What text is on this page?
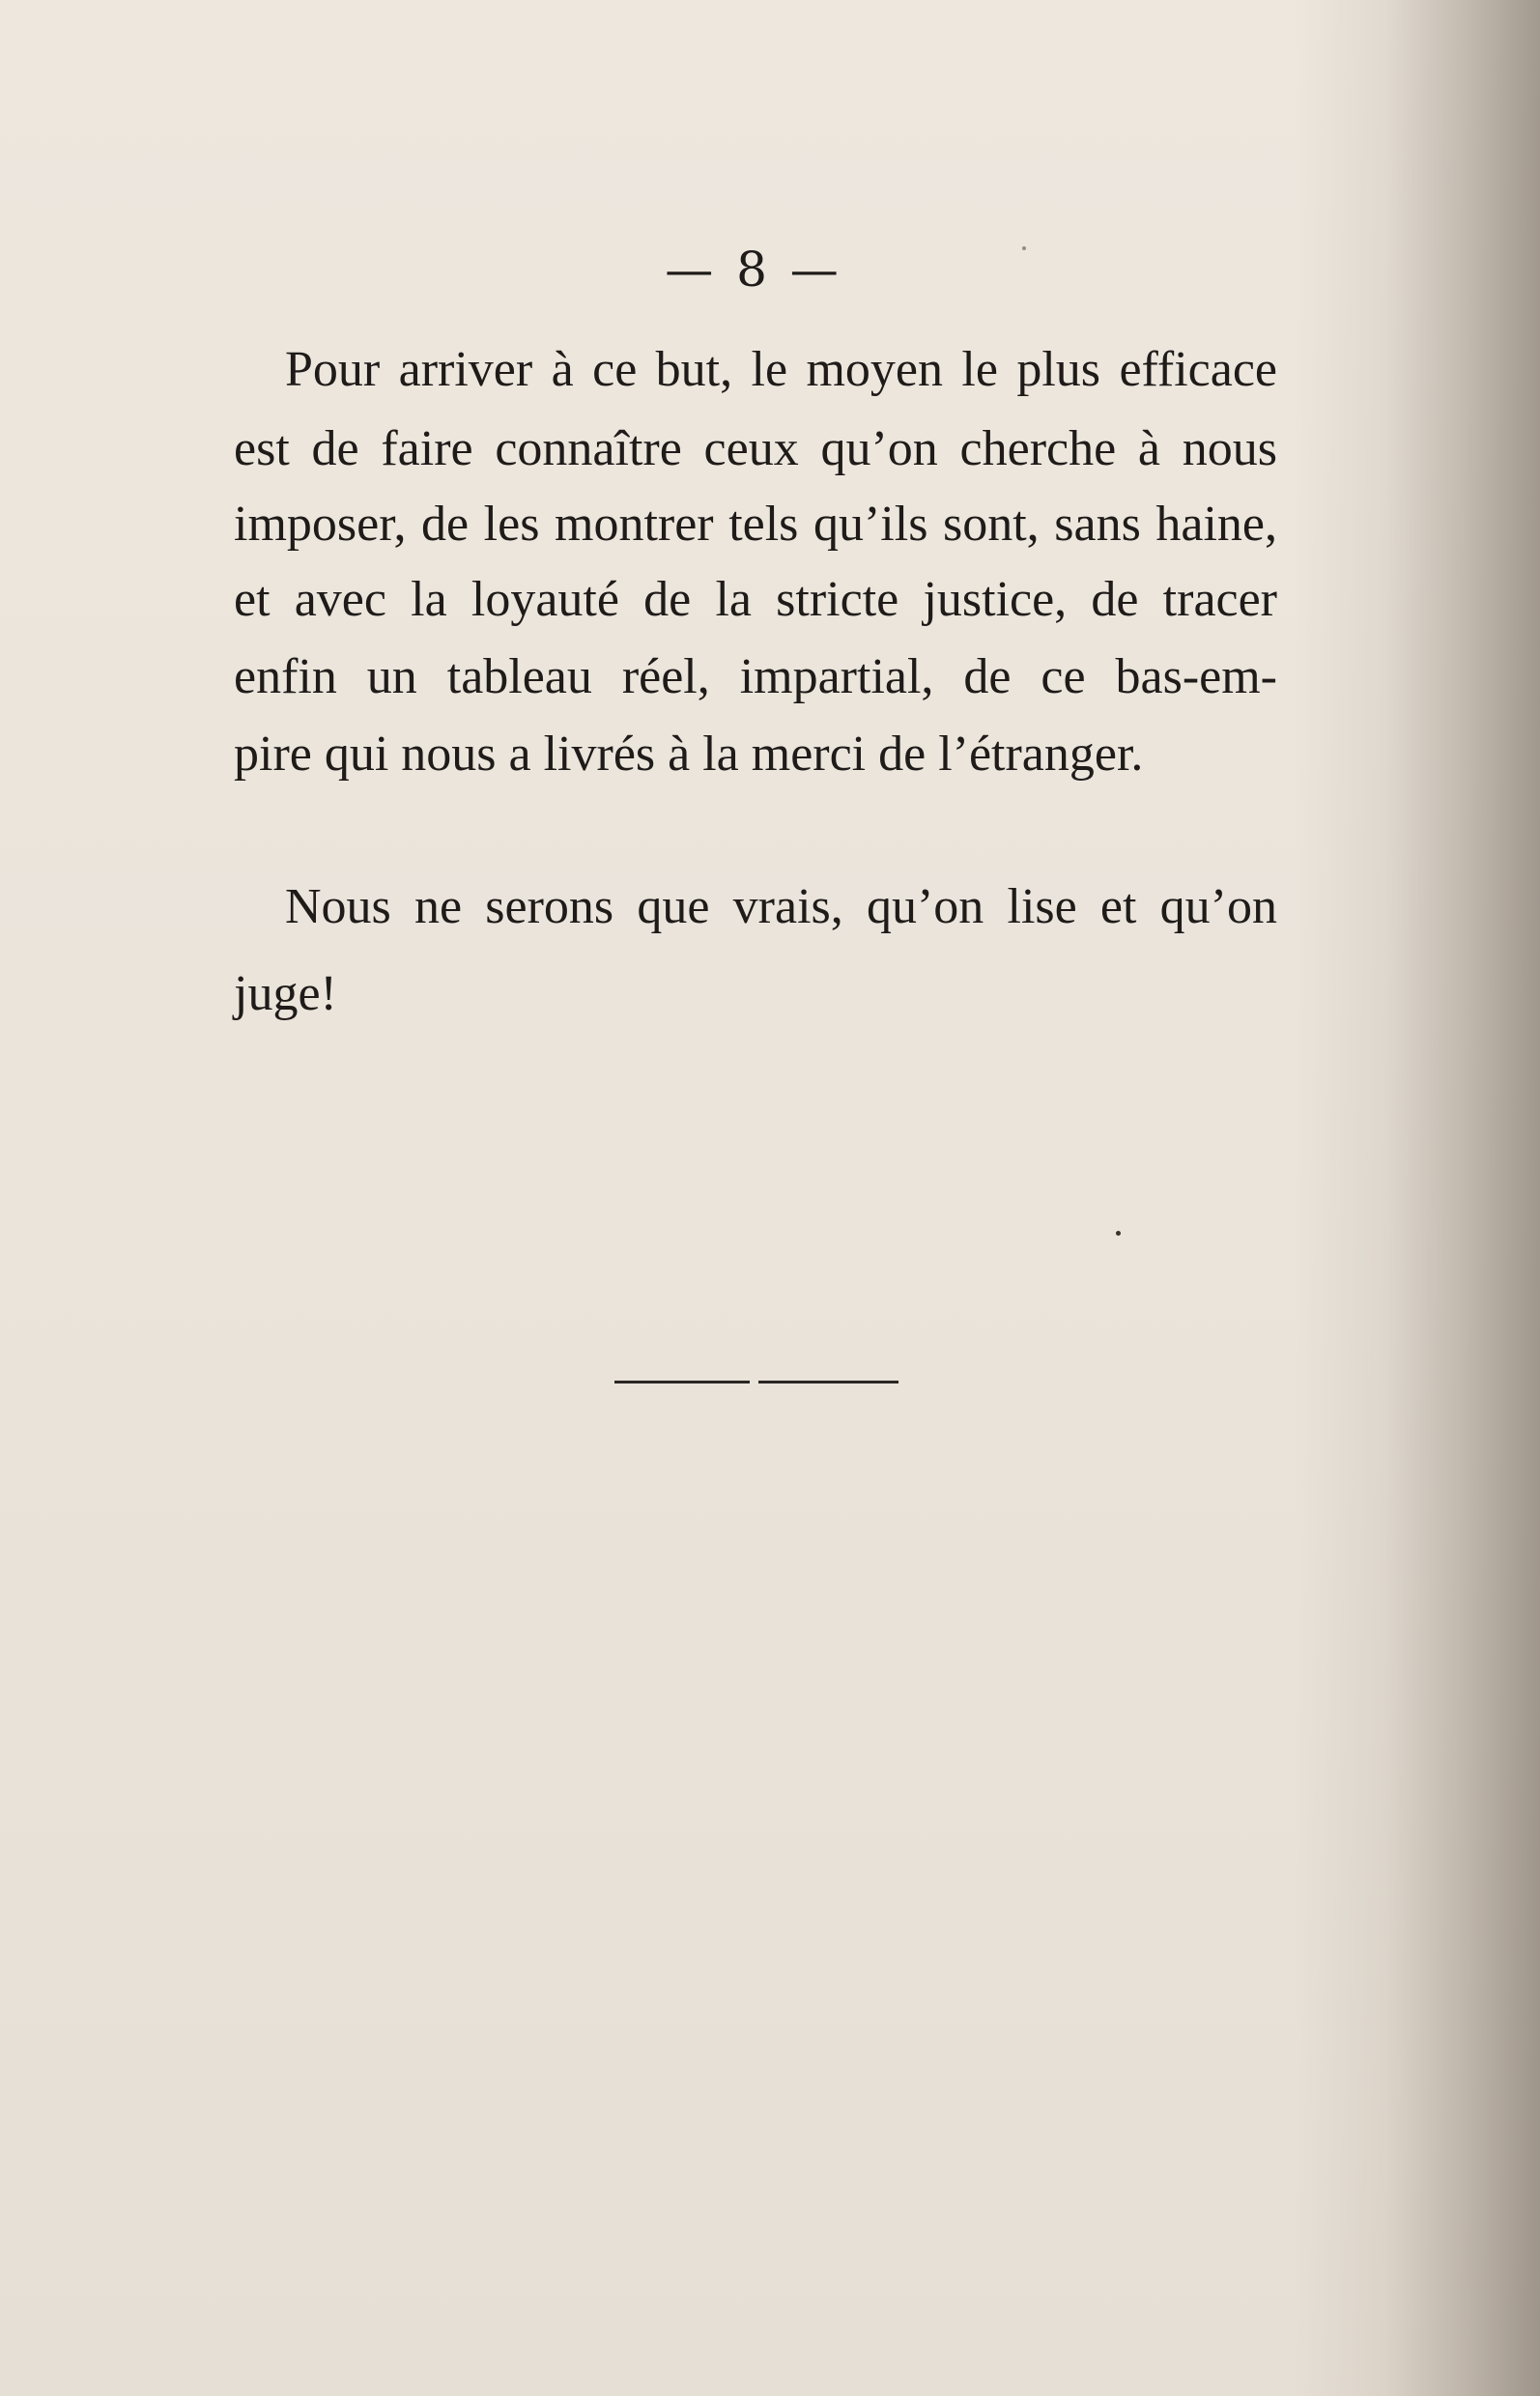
— 8 —
Pour arriver à ce but, le moyen le plus efficace
est de faire connaître ceux qu’on cherche à nous
imposer, de les montrer tels qu’ils sont, sans haine,
et avec la loyauté de la stricte justice, de tracer
enfin un tableau réel, impartial, de ce bas-em-
pire qui nous a livrés à la merci de l’étranger.
Nous ne serons que vrais, qu’on lise et qu’on
juge!
